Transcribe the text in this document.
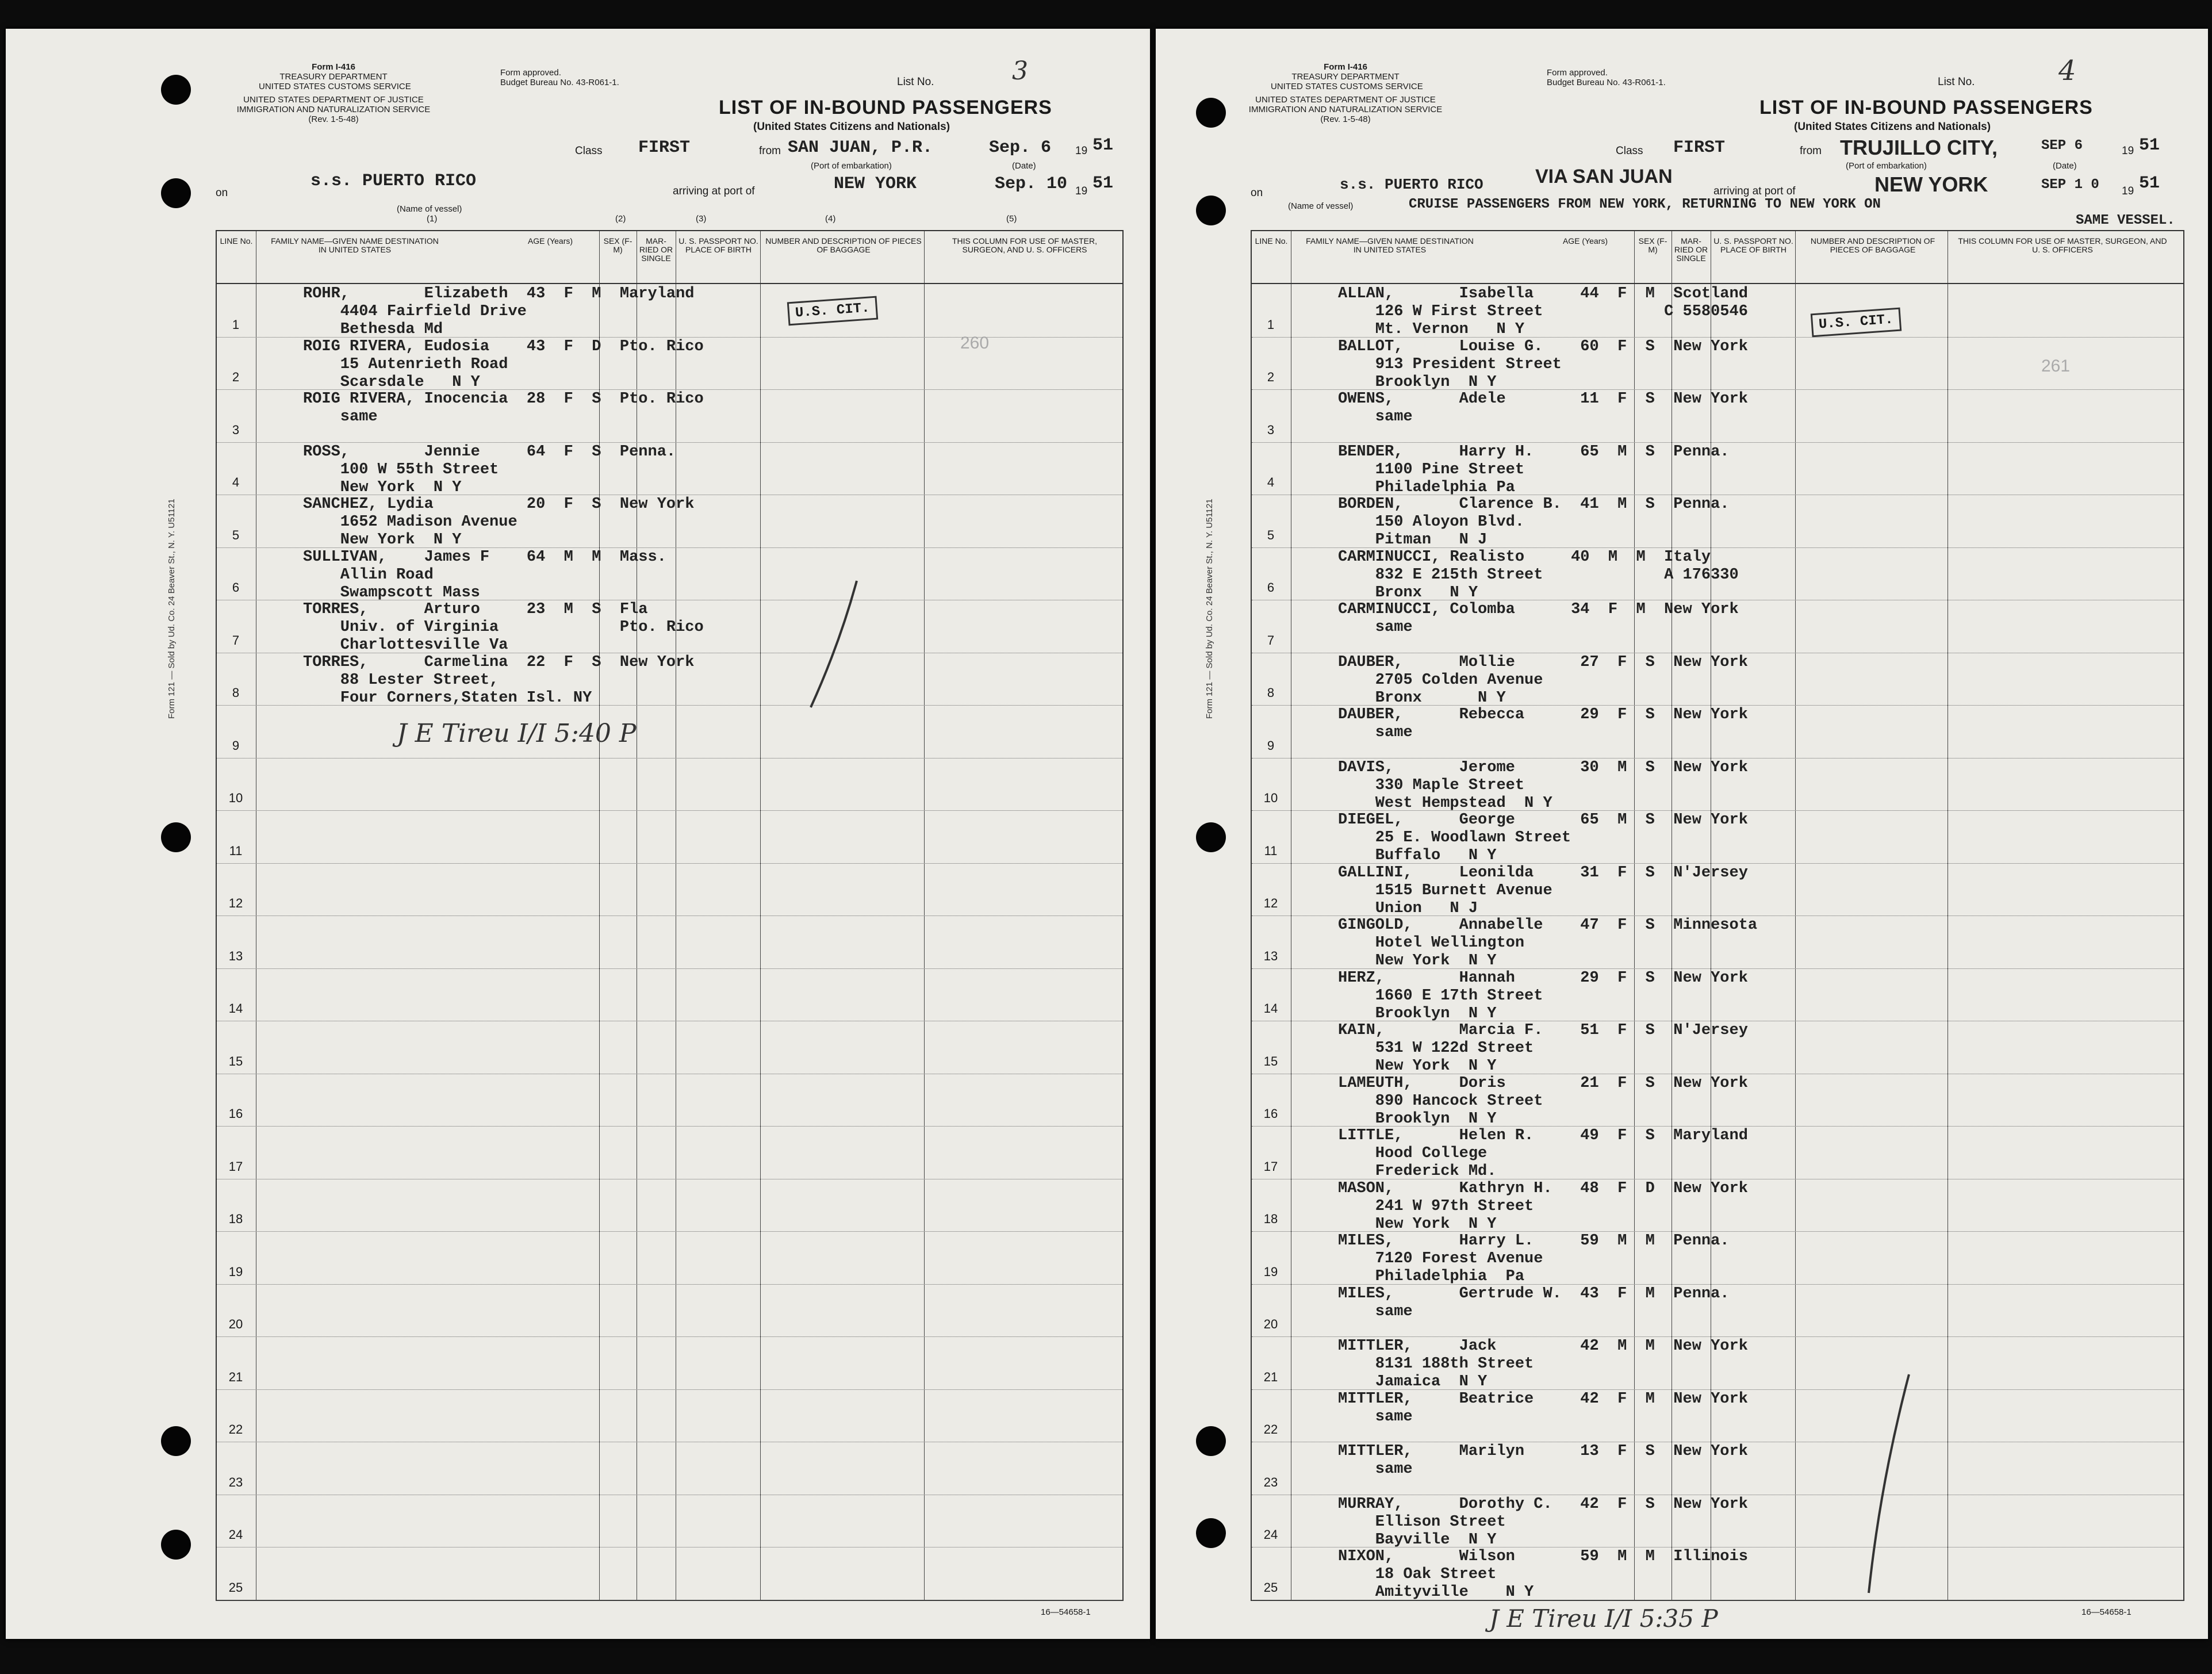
Form 121 — Sold by Ud. Co. 24 Beaver St., N. Y. U51121
Form I-416
TREASURY DEPARTMENT
UNITED STATES CUSTOMS SERVICE
UNITED STATES DEPARTMENT OF JUSTICE
IMMIGRATION AND NATURALIZATION SERVICE
(Rev. 1-5-48)
Form approved.
Budget Bureau No. 43-R061-1.	List No.	3
LIST OF IN-BOUND PASSENGERS
(United States Citizens and Nationals)
Class FIRST	from SAN JUAN, P.R.	Sep. 6 19 51
(Port of embarkation)	(Date)
on
s.s. PUERTO RICO
arriving at port of	NEW YORK	Sep. 10 19 51
(Name of vessel)
(1)	(2)	(3)	(4)	(5)
LINE No.	FAMILY NAME—GIVEN NAME DESTINATION IN UNITED STATES
AGE (Years)	SEX (F-M)
MAR-RIED OR SINGLE
U. S. PASSPORT NO. PLACE OF BIRTH
NUMBER AND DESCRIPTION OF PIECES OF BAGGAGE
THIS COLUMN FOR USE OF MASTER, SURGEON, AND U. S. OFFICERS
1
ROHR,        Elizabeth  43  F  M  Maryland
4404 Fairfield Drive
Bethesda Md
2
ROIG RIVERA, Eudosia    43  F  D  Pto. Rico
15 Autenrieth Road
Scarsdale   N Y
3
ROIG RIVERA, Inocencia  28  F  S  Pto. Rico
same
4
ROSS,        Jennie     64  F  S  Penna.
100 W 55th Street
New York  N Y
5
SANCHEZ, Lydia          20  F  S  New York
1652 Madison Avenue
New York  N Y
6
SULLIVAN,    James F    64  M  M  Mass.
Allin Road
Swampscott Mass
7
TORRES,      Arturo     23  M  S  Fla
Univ. of Virginia             Pto. Rico
Charlottesville Va
8
TORRES,      Carmelina  22  F  S  New York
88 Lester Street,
Four Corners,Staten Isl. NY
9
10
11
12
13
14
15
16
17
18
19
20
21
22
23
24
25
U.S. CIT.
260
J E Tireu I/I 5:40 P
16—54658-1
Form 121 — Sold by Ud. Co. 24 Beaver St., N. Y. U51121
Form I-416
TREASURY DEPARTMENT
UNITED STATES CUSTOMS SERVICE
UNITED STATES DEPARTMENT OF JUSTICE
IMMIGRATION AND NATURALIZATION SERVICE
(Rev. 1-5-48)
Form approved.
Budget Bureau No. 43-R061-1.	List No.	4
LIST OF IN-BOUND PASSENGERS
(United States Citizens and Nationals)
Class FIRST	from TRUJILLO CITY,	SEP 6	19 51
(Port of embarkation)	(Date)
on	s.s. PUERTO RICO	VIA SAN JUAN
arriving at port of	NEW YORK	SEP 1 0 19 51
(Name of vessel)	CRUISE PASSENGERS FROM NEW YORK, RETURNING TO NEW YORK ON
SAME VESSEL.
LINE No.	FAMILY NAME—GIVEN NAME DESTINATION IN UNITED STATES
AGE (Years)	SEX (F-M)
MAR-RIED OR SINGLE
U. S. PASSPORT NO. PLACE OF BIRTH
NUMBER AND DESCRIPTION OF PIECES OF BAGGAGE
THIS COLUMN FOR USE OF MASTER, SURGEON, AND U. S. OFFICERS
1
ALLAN,       Isabella     44  F  M  Scotland
126 W First Street             C 5580546
Mt. Vernon   N Y
2
BALLOT,      Louise G.    60  F  S  New York
913 President Street
Brooklyn  N Y
3
OWENS,       Adele        11  F  S  New York
same
4
BENDER,      Harry H.     65  M  S  Penna.
1100 Pine Street
Philadelphia Pa
5
BORDEN,      Clarence B.  41  M  S  Penna.
150 Aloyon Blvd.
Pitman   N J
6
CARMINUCCI, Realisto     40  M  M  Italy
832 E 215th Street             A 176330
Bronx   N Y
7
CARMINUCCI, Colomba      34  F  M  New York
same
8
DAUBER,      Mollie       27  F  S  New York
2705 Colden Avenue
Bronx      N Y
9
DAUBER,      Rebecca      29  F  S  New York
same
10
DAVIS,       Jerome       30  M  S  New York
330 Maple Street
West Hempstead  N Y
11
DIEGEL,      George       65  M  S  New York
25 E. Woodlawn Street
Buffalo   N Y
12
GALLINI,     Leonilda     31  F  S  N'Jersey
1515 Burnett Avenue
Union   N J
13
GINGOLD,     Annabelle    47  F  S  Minnesota
Hotel Wellington
New York  N Y
14
HERZ,        Hannah       29  F  S  New York
1660 E 17th Street
Brooklyn  N Y
15
KAIN,        Marcia F.    51  F  S  N'Jersey
531 W 122d Street
New York  N Y
16
LAMEUTH,     Doris        21  F  S  New York
890 Hancock Street
Brooklyn  N Y
17
LITTLE,      Helen R.     49  F  S  Maryland
Hood College
Frederick Md.
18
MASON,       Kathryn H.   48  F  D  New York
241 W 97th Street
New York  N Y
19
MILES,       Harry L.     59  M  M  Penna.
7120 Forest Avenue
Philadelphia  Pa
20
MILES,       Gertrude W.  43  F  M  Penna.
same
21
MITTLER,     Jack         42  M  M  New York
8131 188th Street
Jamaica  N Y
22
MITTLER,     Beatrice     42  F  M  New York
same
23
MITTLER,     Marilyn      13  F  S  New York
same
24
MURRAY,      Dorothy C.   42  F  S  New York
Ellison Street
Bayville  N Y
25
NIXON,       Wilson       59  M  M  Illinois
18 Oak Street
Amityville    N Y
U.S. CIT.
261
J E Tireu I/I 5:35 P	16—54658-1
